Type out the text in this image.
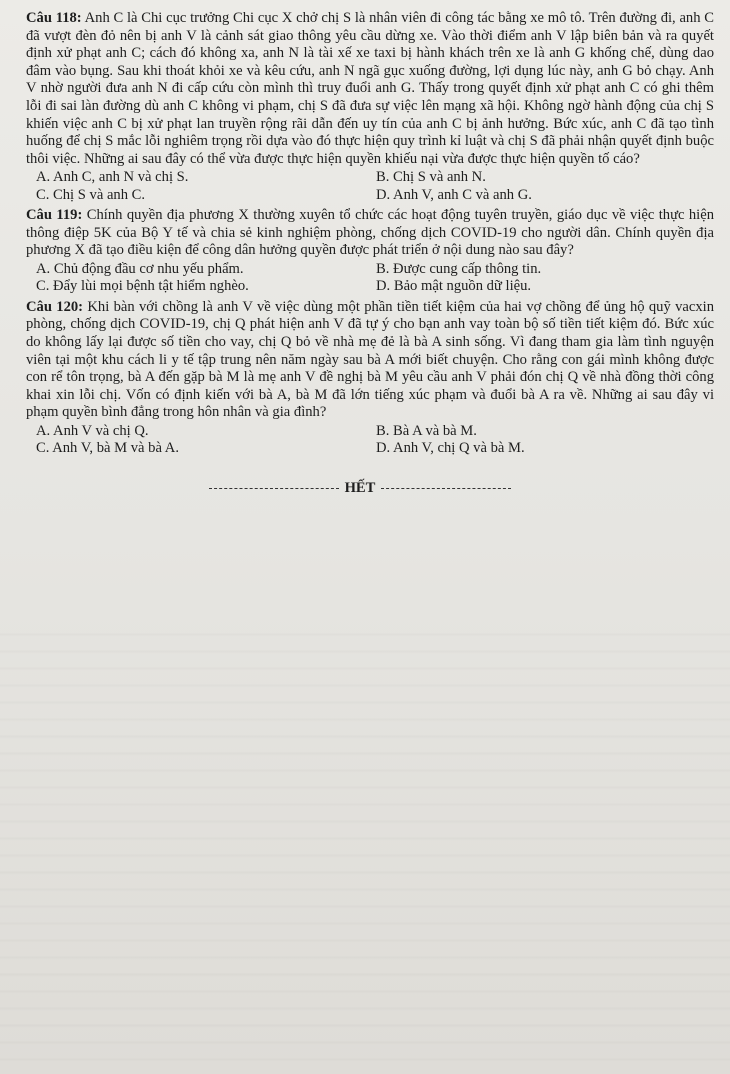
Câu 118: Anh C là Chi cục trưởng Chi cục X chở chị S là nhân viên đi công tác bằng xe mô tô. Trên đường đi, anh C đã vượt đèn đỏ nên bị anh V là cảnh sát giao thông yêu cầu dừng xe. Vào thời điểm anh V lập biên bản và ra quyết định xử phạt anh C; cách đó không xa, anh N là tài xế xe taxi bị hành khách trên xe là anh G khống chế, dùng dao đâm vào bụng. Sau khi thoát khỏi xe và kêu cứu, anh N ngã gục xuống đường, lợi dụng lúc này, anh G bỏ chạy. Anh V nhờ người đưa anh N đi cấp cứu còn mình thì truy đuổi anh G. Thấy trong quyết định xử phạt anh C có ghi thêm lỗi đi sai làn đường dù anh C không vi phạm, chị S đã đưa sự việc lên mạng xã hội. Không ngờ hành động của chị S khiến việc anh C bị xử phạt lan truyền rộng rãi dẫn đến uy tín của anh C bị ảnh hưởng. Bức xúc, anh C đã tạo tình huống để chị S mắc lỗi nghiêm trọng rồi dựa vào đó thực hiện quy trình kỉ luật và chị S đã phải nhận quyết định buộc thôi việc. Những ai sau đây có thể vừa được thực hiện quyền khiếu nại vừa được thực hiện quyền tố cáo?

A. Anh C, anh N và chị S.	B. Chị S và anh N.
C. Chị S và anh C.	D. Anh V, anh C và anh G.

Câu 119: Chính quyền địa phương X thường xuyên tổ chức các hoạt động tuyên truyền, giáo dục về việc thực hiện thông điệp 5K của Bộ Y tế và chia sẻ kinh nghiệm phòng, chống dịch COVID-19 cho người dân. Chính quyền địa phương X đã tạo điều kiện để công dân hưởng quyền được phát triển ở nội dung nào sau đây?

A. Chủ động đầu cơ nhu yếu phẩm.	B. Được cung cấp thông tin.
C. Đẩy lùi mọi bệnh tật hiểm nghèo.	D. Bảo mật nguồn dữ liệu.

Câu 120: Khi bàn với chồng là anh V về việc dùng một phần tiền tiết kiệm của hai vợ chồng để ủng hộ quỹ vacxin phòng, chống dịch COVID-19, chị Q phát hiện anh V đã tự ý cho bạn anh vay toàn bộ số tiền tiết kiệm đó. Bức xúc do không lấy lại được số tiền cho vay, chị Q bỏ về nhà mẹ đẻ là bà A sinh sống. Vì đang tham gia làm tình nguyện viên tại một khu cách li y tế tập trung nên năm ngày sau bà A mới biết chuyện. Cho rằng con gái mình không được con rể tôn trọng, bà A đến gặp bà M là mẹ anh V đề nghị bà M yêu cầu anh V phải đón chị Q về nhà đồng thời công khai xin lỗi chị. Vốn có định kiến với bà A, bà M đã lớn tiếng xúc phạm và đuổi bà A ra về. Những ai sau đây vi phạm quyền bình đẳng trong hôn nhân và gia đình?

A. Anh V và chị Q.	B. Bà A và bà M.
C. Anh V, bà M và bà A.	D. Anh V, chị Q và bà M.
HẾT
